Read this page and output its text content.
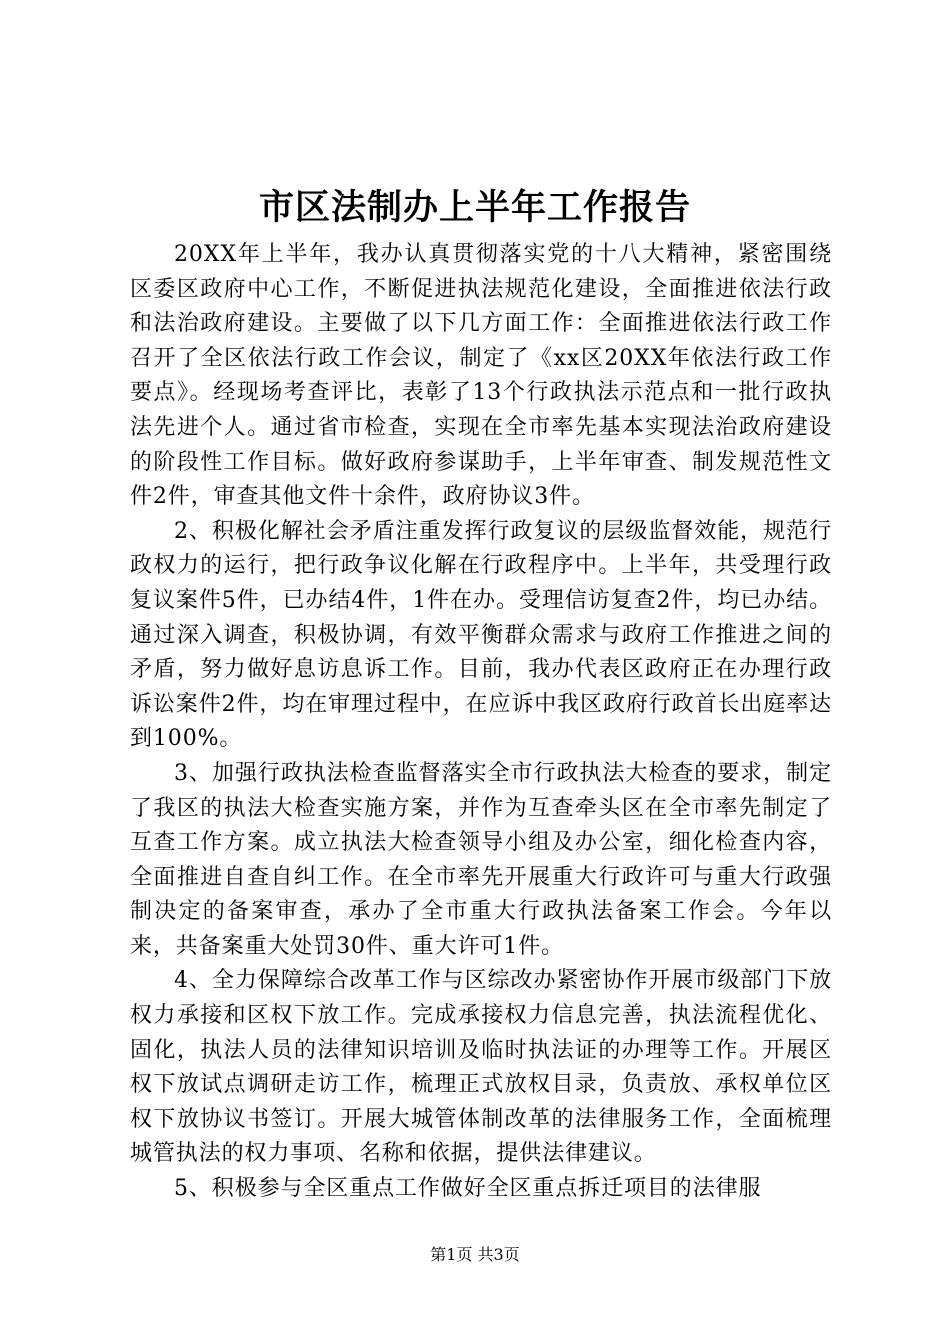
市区法制办上半年工作报告

20XX年上半年，我办认真贯彻落实党的十八大精神，紧密围绕区委区政府中心工作，不断促进执法规范化建设，全面推进依法行政和法治政府建设。主要做了以下几方面工作：全面推进依法行政工作召开了全区依法行政工作会议，制定了《xx区20XX年依法行政工作要点》。经现场考查评比，表彰了13个行政执法示范点和一批行政执法先进个人。通过省市检查，实现在全市率先基本实现法治政府建设的阶段性工作目标。做好政府参谋助手，上半年审查、制发规范性文件2件，审查其他文件十余件，政府协议3件。

2、积极化解社会矛盾注重发挥行政复议的层级监督效能，规范行政权力的运行，把行政争议化解在行政程序中。上半年，共受理行政复议案件5件，已办结4件，1件在办。受理信访复查2件，均已办结。通过深入调查，积极协调，有效平衡群众需求与政府工作推进之间的矛盾，努力做好息访息诉工作。目前，我办代表区政府正在办理行政诉讼案件2件，均在审理过程中，在应诉中我区政府行政首长出庭率达到100%。

3、加强行政执法检查监督落实全市行政执法大检查的要求，制定了我区的执法大检查实施方案，并作为互查牵头区在全市率先制定了互查工作方案。成立执法大检查领导小组及办公室，细化检查内容，全面推进自查自纠工作。在全市率先开展重大行政许可与重大行政强制决定的备案审查，承办了全市重大行政执法备案工作会。今年以来，共备案重大处罚30件、重大许可1件。

4、全力保障综合改革工作与区综改办紧密协作开展市级部门下放权力承接和区权下放工作。完成承接权力信息完善，执法流程优化、固化，执法人员的法律知识培训及临时执法证的办理等工作。开展区权下放试点调研走访工作，梳理正式放权目录，负责放、承权单位区权下放协议书签订。开展大城管体制改革的法律服务工作，全面梳理城管执法的权力事项、名称和依据，提供法律建议。

5、积极参与全区重点工作做好全区重点拆迁项目的法律服

第1页 共3页
